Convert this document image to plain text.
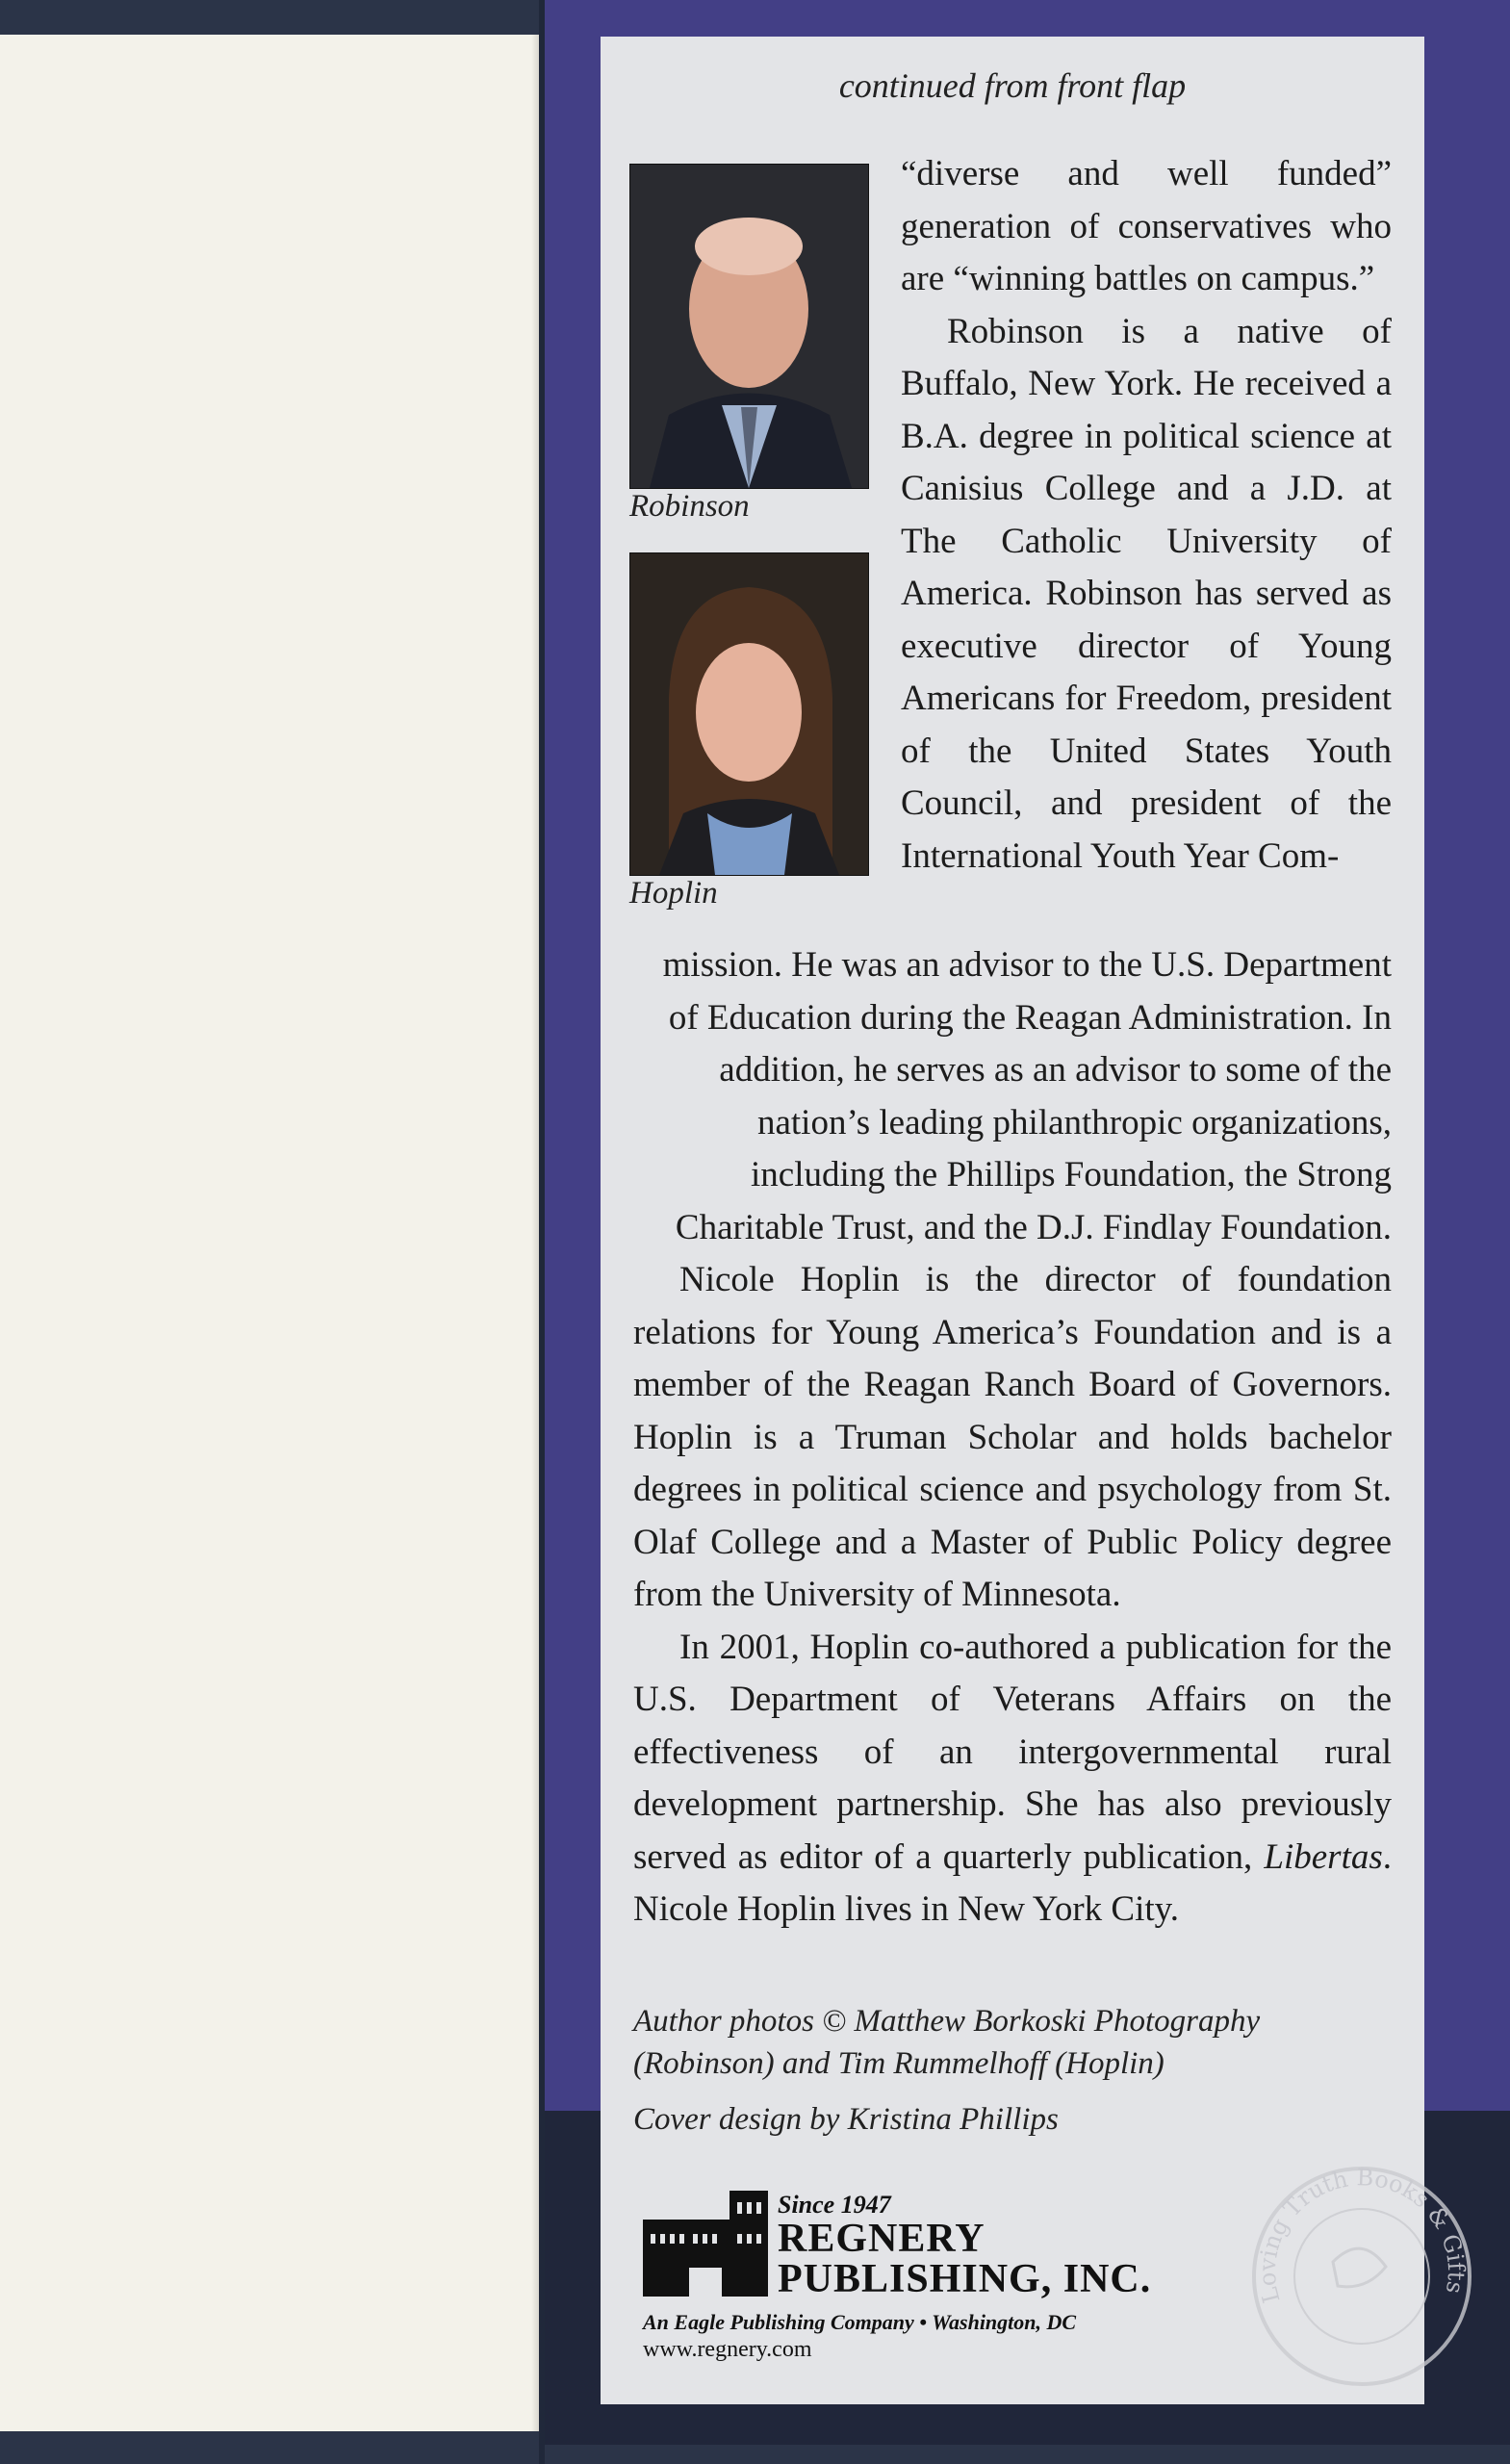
continued from front flap
Robinson
Hoplin

“diverse and well funded” generation of conservatives who are “winning battles on campus.”

Robinson is a native of Buffalo, New York. He received a B.A. degree in political science at Canisius College and a J.D. at The Catholic University of America. Robinson has served as executive director of Young Americans for Freedom, president of the United States Youth Council, and president of the International Youth Year Com-

mission. He was an advisor to the U.S. Department of Education during the Reagan Administration. In addition, he serves as an advisor to some of the nation’s leading philanthropic organizations, including the Phillips Foundation, the Strong Charitable Trust, and the D.J. Findlay Foundation.

Nicole Hoplin is the director of foundation relations for Young America’s Foundation and is a member of the Reagan Ranch Board of Governors. Hoplin is a Truman Scholar and holds bachelor degrees in political science and psychology from St. Olaf College and a Master of Public Policy degree from the University of Minnesota.

In 2001, Hoplin co-authored a publication for the U.S. Department of Veterans Affairs on the effectiveness of an intergovernmental rural development partnership. She has also previously served as editor of a quarterly publication, Libertas. Nicole Hoplin lives in New York City.

Author photos © Matthew Borkoski Photography

(Robinson) and Tim Rummelhoff (Hoplin)

Cover design by Kristina Phillips

Since 1947
REGNERY
PUBLISHING, INC.
An Eagle Publishing Company • Washington, DC
www.regnery.com
Loving Truth Books & Gifts
